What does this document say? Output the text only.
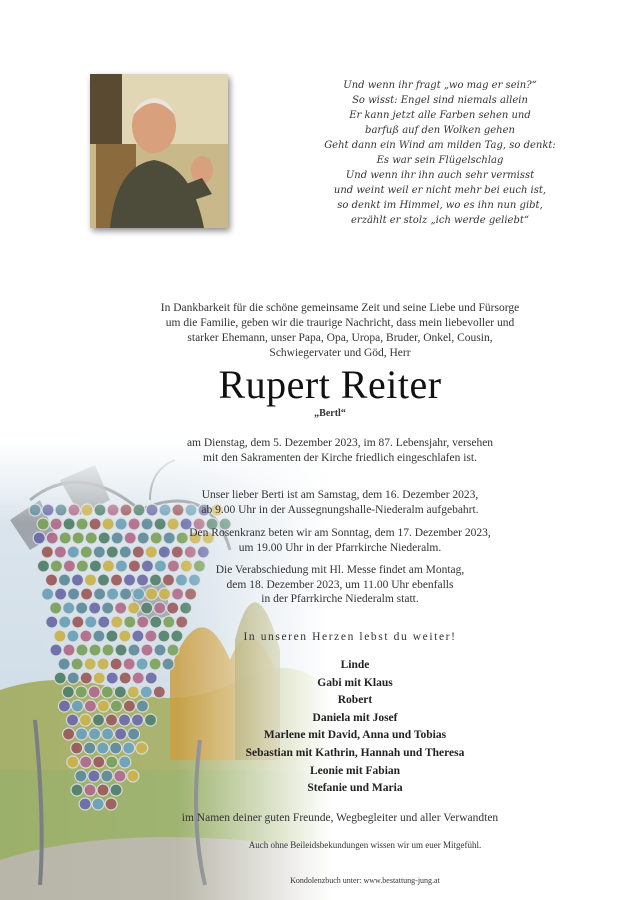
Und wenn ihr fragt „wo mag er sein?“
So wisst: Engel sind niemals allein
Er kann jetzt alle Farben sehen und
barfuß auf den Wolken gehen
Geht dann ein Wind am milden Tag, so denkt:
Es war sein Flügelschlag
Und wenn ihr ihn auch sehr vermisst
und weint weil er nicht mehr bei euch ist,
so denkt im Himmel, wo es ihn nun gibt,
erzählt er stolz „ich werde geliebt“
In Dankbarkeit für die schöne gemeinsame Zeit und seine Liebe und Fürsorge
um die Familie, geben wir die traurige Nachricht, dass mein liebevoller und
starker Ehemann, unser Papa, Opa, Uropa, Bruder, Onkel, Cousin,
Schwiegervater und Göd, Herr
Rupert Reiter
„Bertl“
am Dienstag, dem 5. Dezember 2023, im 87. Lebensjahr, versehen
mit den Sakramenten der Kirche friedlich eingeschlafen ist.
Unser lieber Berti ist am Samstag, dem 16. Dezember 2023,
ab 9.00 Uhr in der Aussegnungshalle-Niederalm aufgebahrt.
Den Rosenkranz beten wir am Sonntag, dem 17. Dezember 2023,
um 19.00 Uhr in der Pfarrkirche Niederalm.
Die Verabschiedung mit Hl. Messe findet am Montag,
dem 18. Dezember 2023, um 11.00 Uhr ebenfalls
in der Pfarrkirche Niederalm statt.
In unseren Herzen lebst du weiter!
Linde
Gabi mit Klaus
Robert
Daniela mit Josef
Marlene mit David, Anna und Tobias
Sebastian mit Kathrin, Hannah und Theresa
Leonie mit Fabian
Stefanie und Maria
im Namen deiner guten Freunde, Wegbegleiter und aller Verwandten
Auch ohne Beileidsbekundungen wissen wir um euer Mitgefühl.
Kondolenzbuch unter: www.bestattung-jung.at
